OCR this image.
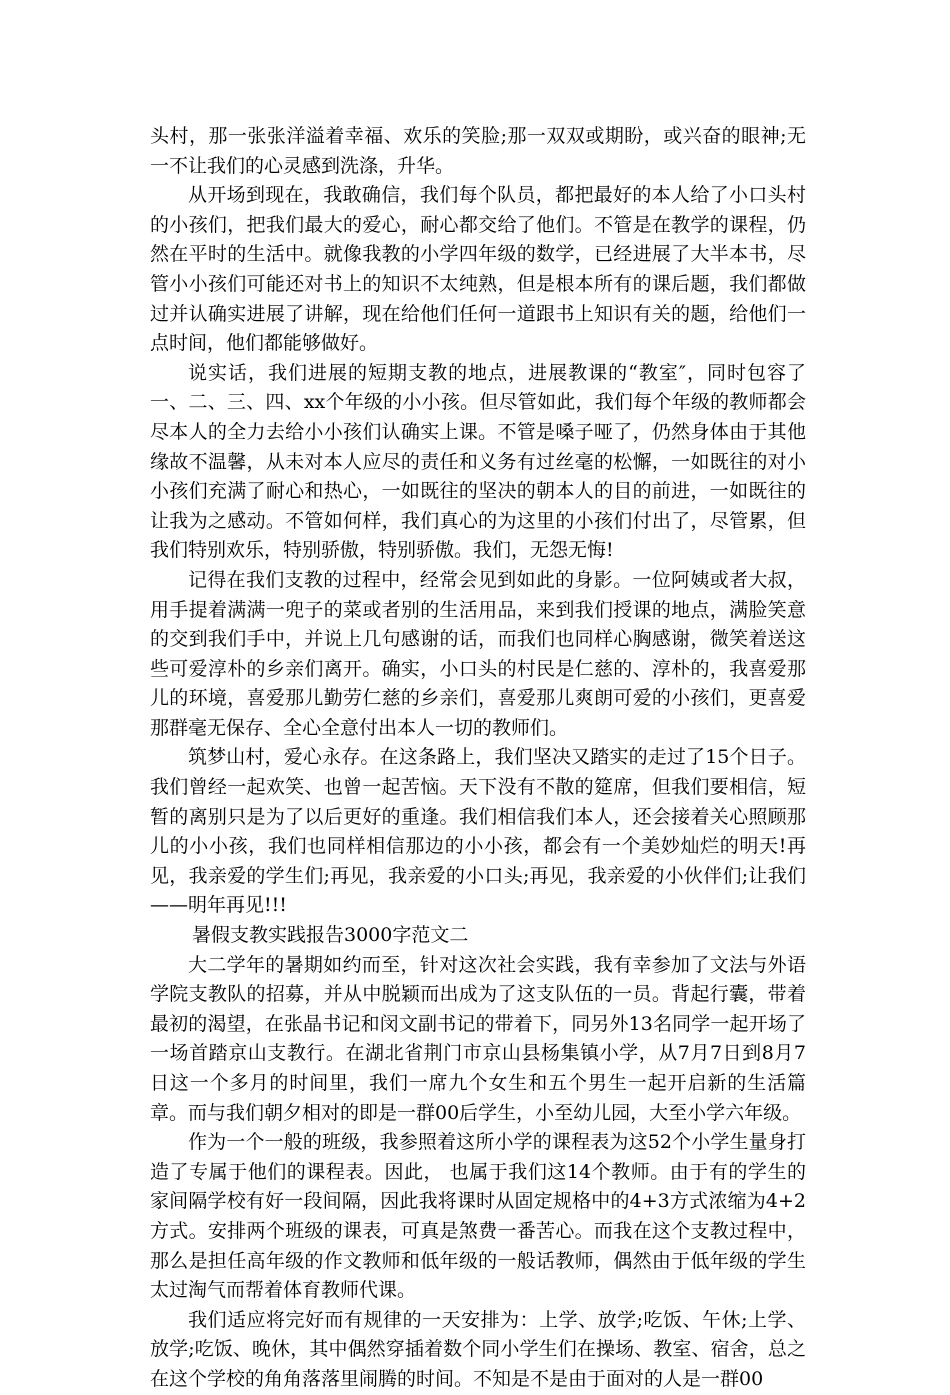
头村，那一张张洋溢着幸福、欢乐的笑脸;那一双双或期盼，或兴奋的眼神;无一不让我们的心灵感到洗涤，升华。

从开场到现在，我敢确信，我们每个队员，都把最好的本人给了小口头村的小孩们，把我们最大的爱心，耐心都交给了他们。不管是在教学的课程，仍然在平时的生活中。就像我教的小学四年级的数学，已经进展了大半本书，尽管小小孩们可能还对书上的知识不太纯熟，但是根本所有的课后题，我们都做过并认确实进展了讲解，现在给他们任何一道跟书上知识有关的题，给他们一点时间，他们都能够做好。

说实话，我们进展的短期支教的地点，进展教课的“教室″，同时包容了一、二、三、四、xx个年级的小小孩。但尽管如此，我们每个年级的教师都会尽本人的全力去给小小孩们认确实上课。不管是嗓子哑了，仍然身体由于其他缘故不温馨，从未对本人应尽的责任和义务有过丝毫的松懈，一如既往的对小小孩们充满了耐心和热心，一如既往的坚决的朝本人的目的前进，一如既往的让我为之感动。不管如何样，我们真心的为这里的小孩们付出了，尽管累，但我们特别欢乐，特别骄傲，特别骄傲。我们，无怨无悔!

记得在我们支教的过程中，经常会见到如此的身影。一位阿姨或者大叔，用手提着满满一兜子的菜或者别的生活用品，来到我们授课的地点，满脸笑意的交到我们手中，并说上几句感谢的话，而我们也同样心胸感谢，微笑着送这些可爱淳朴的乡亲们离开。确实，小口头的村民是仁慈的、淳朴的，我喜爱那儿的环境，喜爱那儿勤劳仁慈的乡亲们，喜爱那儿爽朗可爱的小孩们，更喜爱那群毫无保存、全心全意付出本人一切的教师们。

筑梦山村，爱心永存。在这条路上，我们坚决又踏实的走过了15个日子。我们曾经一起欢笑、也曾一起苦恼。天下没有不散的筵席，但我们要相信，短暂的离别只是为了以后更好的重逢。我们相信我们本人，还会接着关心照顾那儿的小小孩，我们也同样相信那边的小小孩，都会有一个美妙灿烂的明天!再见，我亲爱的学生们;再见，我亲爱的小口头;再见，我亲爱的小伙伴们;让我们——明年再见!!!

暑假支教实践报告3000字范文二

大二学年的暑期如约而至，针对这次社会实践，我有幸参加了文法与外语学院支教队的招募，并从中脱颖而出成为了这支队伍的一员。背起行囊，带着最初的渴望，在张晶书记和闵文副书记的带着下，同另外13名同学一起开场了一场首踏京山支教行。在湖北省荆门市京山县杨集镇小学，从7月7日到8月7日这一个多月的时间里，我们一席九个女生和五个男生一起开启新的生活篇章。而与我们朝夕相对的即是一群00后学生，小至幼儿园，大至小学六年级。

作为一个一般的班级，我参照着这所小学的课程表为这52个小学生量身打造了专属于他们的课程表。因此， 也属于我们这14个教师。由于有的学生的家间隔学校有好一段间隔，因此我将课时从固定规格中的4+3方式浓缩为4+2方式。安排两个班级的课表，可真是煞费一番苦心。而我在这个支教过程中，那么是担任高年级的作文教师和低年级的一般话教师，偶然由于低年级的学生太过淘气而帮着体育教师代课。

我们适应将完好而有规律的一天安排为：上学、放学;吃饭、午休;上学、放学;吃饭、晚休，其中偶然穿插着数个同小学生们在操场、教室、宿舍，总之在这个学校的角角落落里闹腾的时间。不知是不是由于面对的人是一群00
